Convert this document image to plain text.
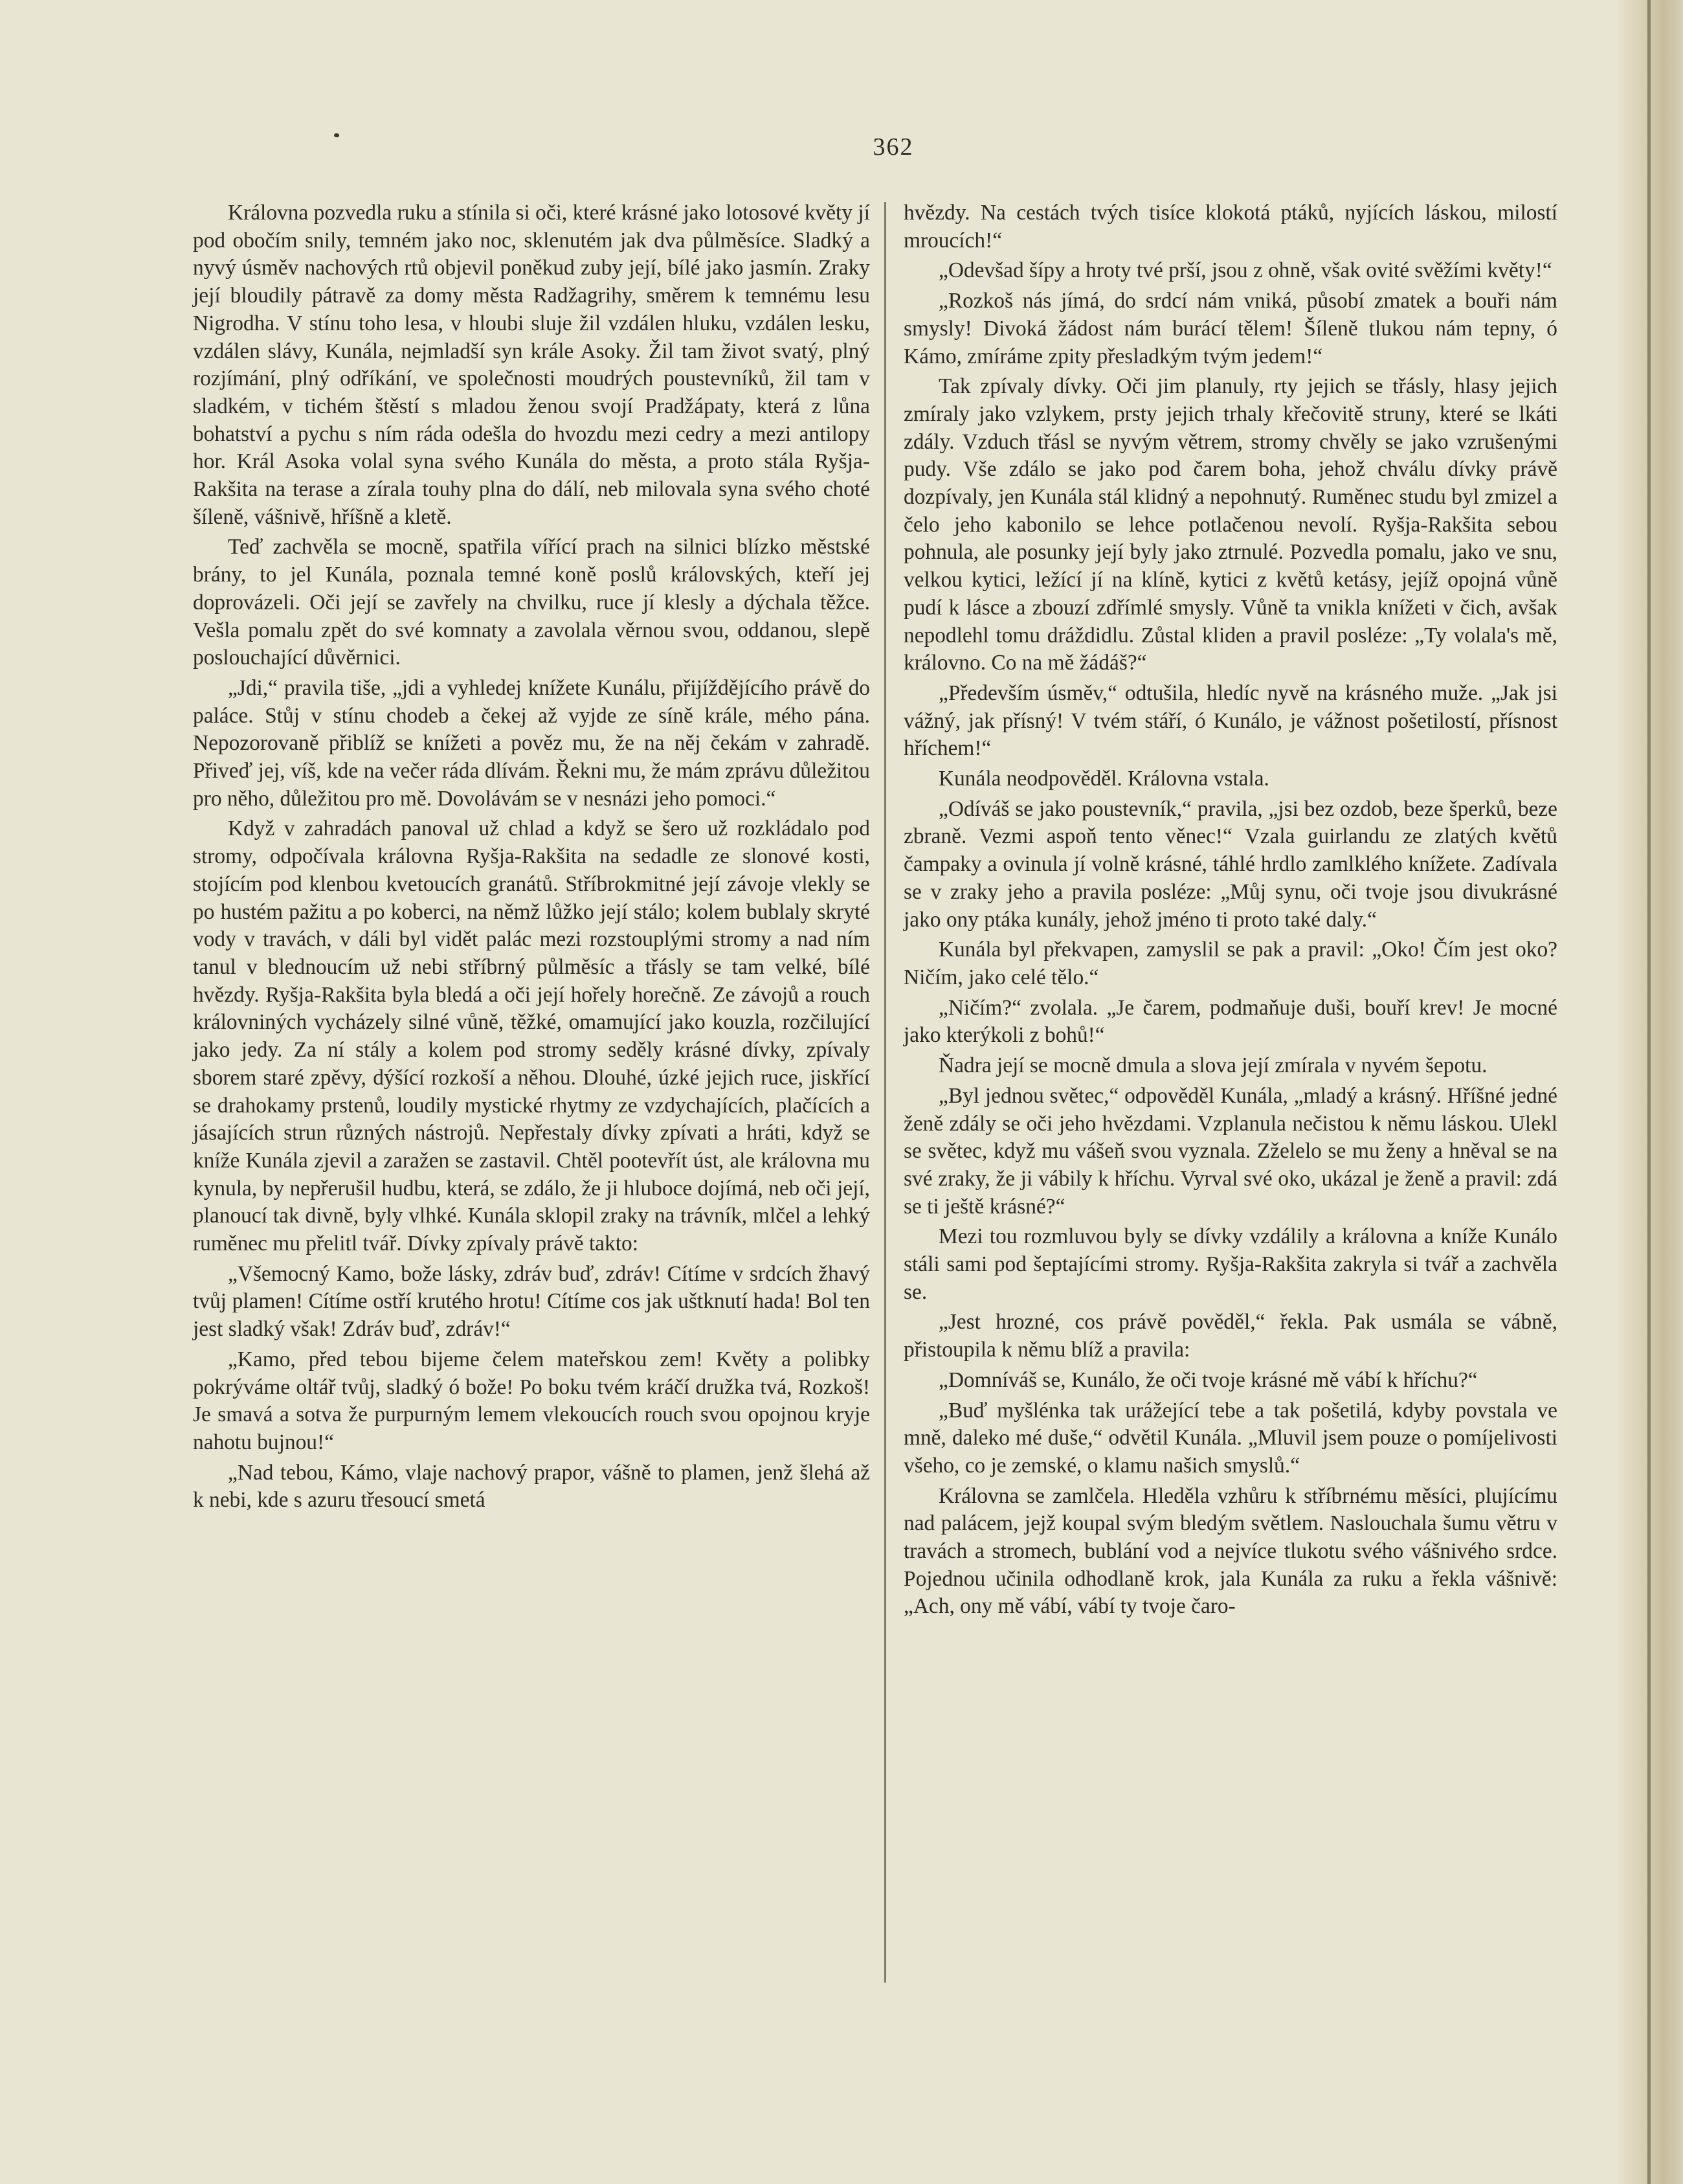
362

Královna pozvedla ruku a stínila si oči, které krásné jako lotosové květy jí pod obočím snily, temném jako noc, sklenutém jak dva půlměsíce. Sladký a nyvý úsměv nachových rtů objevil poněkud zuby její, bílé jako jasmín. Zraky její bloudily pátravě za domy města Radžagrihy, směrem k temnému lesu Nigrodha. V stínu toho lesa, v hloubi sluje žil vzdálen hluku, vzdálen lesku, vzdálen slávy, Kunála, nejmladší syn krále Asoky. Žil tam život svatý, plný rozjímání, plný odříkání, ve společnosti moudrých poustevníků, žil tam v sladkém, v tichém štěstí s mladou ženou svojí Pradžápaty, která z lůna bohatství a pychu s ním ráda odešla do hvozdu mezi cedry a mezi antilopy hor. Král Asoka volal syna svého Kunála do města, a proto stála Ryšja-Rakšita na terase a zírala touhy plna do dálí, neb milovala syna svého choté šíleně, vášnivě, hříšně a kletě.

Teď zachvěla se mocně, spatřila vířící prach na silnici blízko městské brány, to jel Kunála, poznala temné koně poslů královských, kteří jej doprovázeli. Oči její se zavřely na chvilku, ruce jí klesly a dýchala těžce. Vešla pomalu zpět do své komnaty a zavolala věrnou svou, oddanou, slepě poslouchající důvěrnici.

„Jdi,“ pravila tiše, „jdi a vyhledej knížete Kunálu, přijíždějícího právě do paláce. Stůj v stínu chodeb a čekej až vyjde ze síně krále, mého pána. Nepozorovaně přiblíž se knížeti a pověz mu, že na něj čekám v zahradě. Přiveď jej, víš, kde na večer ráda dlívám. Řekni mu, že mám zprávu důležitou pro něho, důležitou pro mě. Dovolávám se v nesnázi jeho pomoci.“

Když v zahradách panoval už chlad a když se šero už rozkládalo pod stromy, odpočívala královna Ryšja-Rakšita na sedadle ze slonové kosti, stojícím pod klenbou kvetoucích granátů. Stříbrokmitné její závoje vlekly se po hustém pažitu a po koberci, na němž lůžko její stálo; kolem bublaly skryté vody v travách, v dáli byl vidět palác mezi rozstouplými stromy a nad ním tanul v blednoucím už nebi stříbrný půlměsíc a třásly se tam velké, bílé hvězdy. Ryšja-Rakšita byla bledá a oči její hořely horečně. Ze závojů a rouch královniných vycházely silné vůně, těžké, omamující jako kouzla, rozčilující jako jedy. Za ní stály a kolem pod stromy seděly krásné dívky, zpívaly sborem staré zpěvy, dýšící rozkoší a něhou. Dlouhé, úzké jejich ruce, jiskřící se drahokamy prstenů, loudily mystické rhytmy ze vzdychajících, plačících a jásajících strun různých nástrojů. Nepřestaly dívky zpívati a hráti, když se kníže Kunála zjevil a zaražen se zastavil. Chtěl pootevřít úst, ale královna mu kynula, by nepřerušil hudbu, která, se zdálo, že ji hluboce dojímá, neb oči její, planoucí tak divně, byly vlhké. Kunála sklopil zraky na trávník, mlčel a lehký ruměnec mu přelitl tvář. Dívky zpívaly právě takto:

„Všemocný Kamo, bože lásky, zdráv buď, zdráv! Cítíme v srdcích žhavý tvůj plamen! Cítíme ostří krutého hrotu! Cítíme cos jak uštknutí hada! Bol ten jest sladký však! Zdráv buď, zdráv!“

„Kamo, před tebou bijeme čelem mateřskou zem! Květy a polibky pokrýváme oltář tvůj, sladký ó bože! Po boku tvém kráčí družka tvá, Rozkoš! Je smavá a sotva že purpurným lemem vlekoucích rouch svou opojnou kryje nahotu bujnou!“

„Nad tebou, Kámo, vlaje nachový prapor, vášně to plamen, jenž šlehá až k nebi, kde s azuru třesoucí smetá

hvězdy. Na cestách tvých tisíce klokotá ptáků, nyjících láskou, milostí mroucích!“

„Odevšad šípy a hroty tvé prší, jsou z ohně, však ovité svěžími květy!“

„Rozkoš nás jímá, do srdcí nám vniká, působí zmatek a bouři nám smysly! Divoká žádost nám burácí tělem! Šíleně tlukou nám tepny, ó Kámo, zmíráme zpity přesladkým tvým jedem!“

Tak zpívaly dívky. Oči jim planuly, rty jejich se třásly, hlasy jejich zmíraly jako vzlykem, prsty jejich trhaly křečovitě struny, které se lkáti zdály. Vzduch třásl se nyvým větrem, stromy chvěly se jako vzrušenými pudy. Vše zdálo se jako pod čarem boha, jehož chválu dívky právě dozpívaly, jen Kunála stál klidný a nepohnutý. Ruměnec studu byl zmizel a čelo jeho kabonilo se lehce potlačenou nevolí. Ryšja-Rakšita sebou pohnula, ale posunky její byly jako ztrnulé. Pozvedla pomalu, jako ve snu, velkou kytici, ležící jí na klíně, kytici z květů ketásy, jejíž opojná vůně pudí k lásce a zbouzí zdřímlé smysly. Vůně ta vnikla knížeti v čich, avšak nepodlehl tomu dráždidlu. Zůstal kliden a pravil posléze: „Ty volala's mě, královno. Co na mě žádáš?“

„Především úsměv,“ odtušila, hledíc nyvě na krásného muže. „Jak jsi vážný, jak přísný! V tvém stáří, ó Kunálo, je vážnost pošetilostí, přísnost hříchem!“

Kunála neodpověděl. Královna vstala.

„Odíváš se jako poustevník,“ pravila, „jsi bez ozdob, beze šperků, beze zbraně. Vezmi aspoň tento věnec!“ Vzala guirlandu ze zlatých květů čampaky a ovinula jí volně krásné, táhlé hrdlo zamlklého knížete. Zadívala se v zraky jeho a pravila posléze: „Můj synu, oči tvoje jsou divukrásné jako ony ptáka kunály, jehož jméno ti proto také daly.“

Kunála byl překvapen, zamyslil se pak a pravil: „Oko! Čím jest oko? Ničím, jako celé tělo.“

„Ničím?“ zvolala. „Je čarem, podmaňuje duši, bouří krev! Je mocné jako kterýkoli z bohů!“

Ňadra její se mocně dmula a slova její zmírala v nyvém šepotu.

„Byl jednou světec,“ odpověděl Kunála, „mladý a krásný. Hříšné jedné ženě zdály se oči jeho hvězdami. Vzplanula nečistou k němu láskou. Ulekl se světec, když mu vášeň svou vyznala. Zželelo se mu ženy a hněval se na své zraky, že ji vábily k hříchu. Vyrval své oko, ukázal je ženě a pravil: zdá se ti ještě krásné?“

Mezi tou rozmluvou byly se dívky vzdálily a královna a kníže Kunálo stáli sami pod šeptajícími stromy. Ryšja-Rakšita zakryla si tvář a zachvěla se.

„Jest hrozné, cos právě pověděl,“ řekla. Pak usmála se vábně, přistoupila k němu blíž a pravila:

„Domníváš se, Kunálo, že oči tvoje krásné mě vábí k hříchu?“

„Buď myšlénka tak urážející tebe a tak pošetilá, kdyby povstala ve mně, daleko mé duše,“ odvětil Kunála. „Mluvil jsem pouze o pomíjelivosti všeho, co je zemské, o klamu našich smyslů.“

Královna se zamlčela. Hleděla vzhůru k stříbrnému měsíci, plujícímu nad palácem, jejž koupal svým bledým světlem. Naslouchala šumu větru v travách a stromech, bublání vod a nejvíce tlukotu svého vášnivého srdce. Pojednou učinila odhodlaně krok, jala Kunála za ruku a řekla vášnivě: „Ach, ony mě vábí, vábí ty tvoje čaro-
